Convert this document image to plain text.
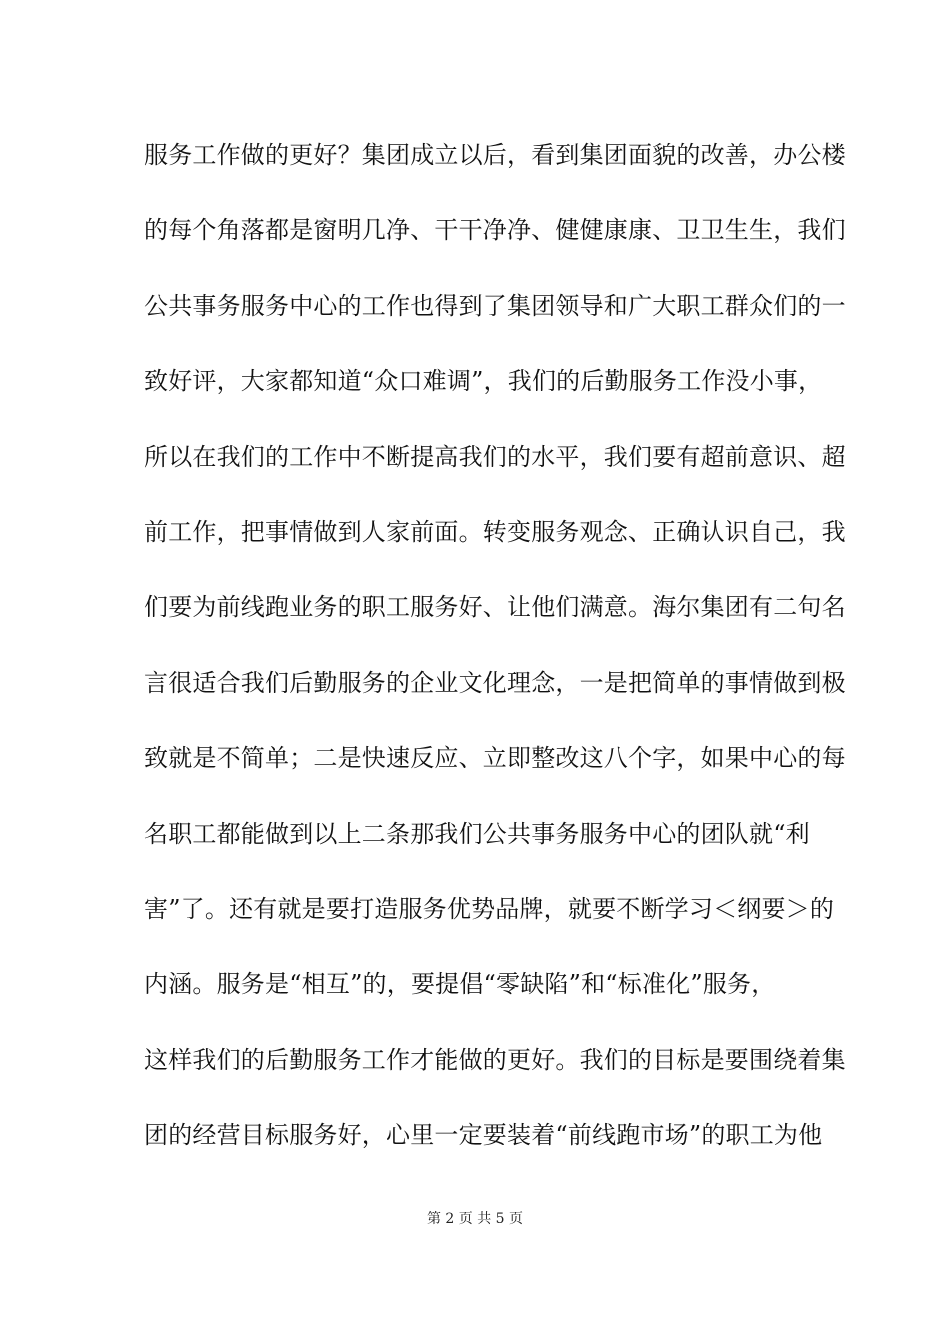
服务工作做的更好？集团成立以后，看到集团面貌的改善，办公楼
的每个角落都是窗明几净、干干净净、健健康康、卫卫生生，我们
公共事务服务中心的工作也得到了集团领导和广大职工群众们的一
致好评，大家都知道“众口难调”，我们的后勤服务工作没小事，
所以在我们的工作中不断提高我们的水平，我们要有超前意识、超
前工作，把事情做到人家前面。转变服务观念、正确认识自己，我
们要为前线跑业务的职工服务好、让他们满意。海尔集团有二句名
言很适合我们后勤服务的企业文化理念，一是把简单的事情做到极
致就是不简单；二是快速反应、立即整改这八个字，如果中心的每
名职工都能做到以上二条那我们公共事务服务中心的团队就“利
害”了。还有就是要打造服务优势品牌，就要不断学习＜纲要＞的
内涵。服务是“相互”的，要提倡“零缺陷”和“标准化”服务，
这样我们的后勤服务工作才能做的更好。我们的目标是要围绕着集
团的经营目标服务好，心里一定要装着“前线跑市场”的职工为他
第 2 页 共 5 页
